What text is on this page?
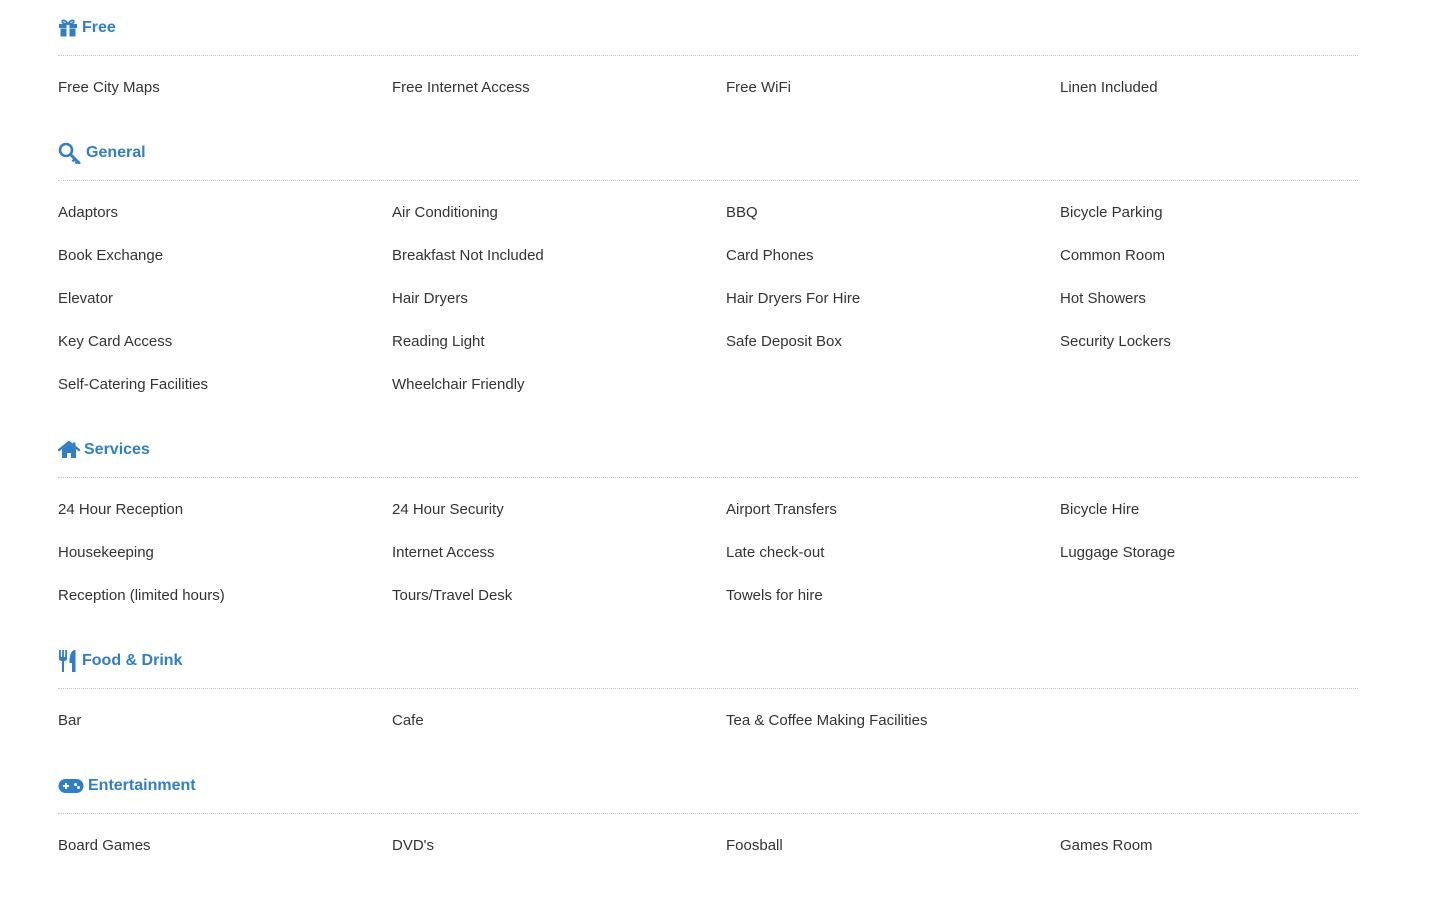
Free
Free City Maps	Free Internet Access	Free WiFi	Linen Included
General
Adaptors	Air Conditioning	BBQ	Bicycle Parking
Book Exchange	Breakfast Not Included	Card Phones	Common Room
Elevator	Hair Dryers	Hair Dryers For Hire	Hot Showers
Key Card Access	Reading Light	Safe Deposit Box	Security Lockers
Self-Catering Facilities	Wheelchair Friendly
Services
24 Hour Reception	24 Hour Security	Airport Transfers	Bicycle Hire
Housekeeping	Internet Access	Late check-out	Luggage Storage
Reception (limited hours)	Tours/Travel Desk	Towels for hire
Food & Drink
Bar	Cafe	Tea & Coffee Making Facilities
Entertainment
Board Games	DVD's	Foosball	Games Room
